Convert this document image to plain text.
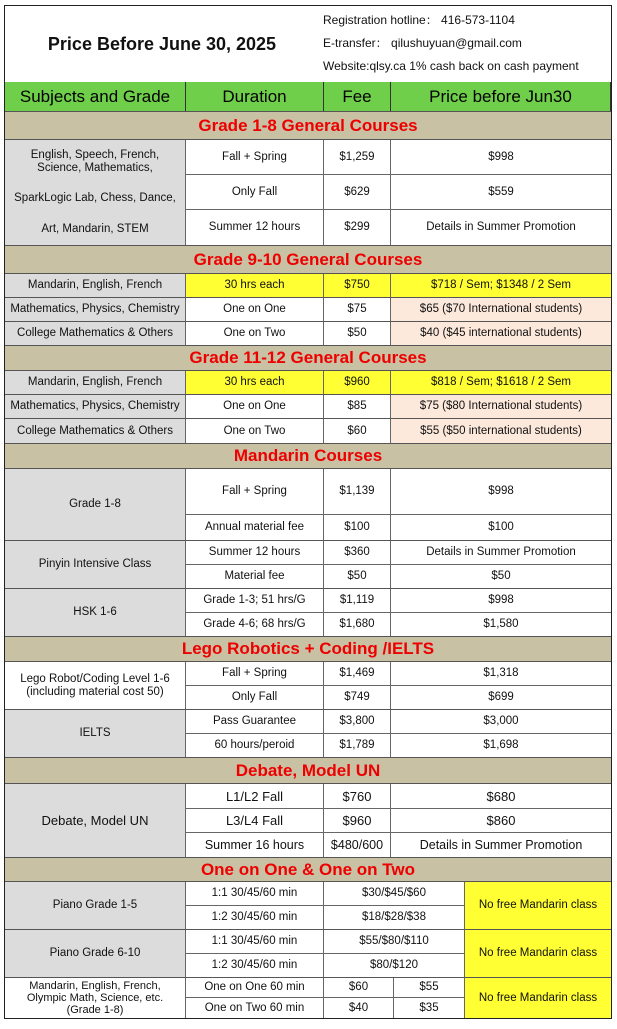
Price Before June 30, 2025
Registration hotline： 416-573-1104
E-transfer： qilushuyuan@gmail.com
Website:qlsy.ca 1% cash back on cash payment
Subjects and Grade	Duration	Fee	Price before Jun30
Grade 1-8 General Courses
English, Speech, French, Science, Mathematics,
SparkLogic Lab, Chess, Dance,
Art, Mandarin, STEM
Fall + Spring	$1,259	$998
Only Fall	$629	$559
Summer 12 hours	$299	Details in Summer Promotion
Grade 9-10 General Courses
Mandarin, English, French	30 hrs each	$750	$718 / Sem; $1348 / 2 Sem
Mathematics, Physics, Chemistry	One on One	$75	$65 ($70 International students)
College Mathematics & Others	One on Two	$50	$40 ($45 international students)
Grade 11-12 General Courses
Mandarin, English, French	30 hrs each	$960	$818 / Sem; $1618 / 2 Sem
Mathematics, Physics, Chemistry	One on One	$85	$75 ($80 International students)
College Mathematics & Others	One on Two	$60	$55 ($50 international students)
Mandarin Courses
Grade 1-8
Fall + Spring	$1,139	$998
Annual material fee	$100	$100
Pinyin Intensive Class
Summer 12 hours	$360	Details in Summer Promotion
Material fee	$50	$50
HSK 1-6
Grade 1-3; 51 hrs/G	$1,119	$998
Grade 4-6; 68 hrs/G	$1,680	$1,580
Lego Robotics + Coding /IELTS
Lego Robot/Coding Level 1-6 (including material cost 50)
Fall + Spring	$1,469	$1,318
Only Fall	$749	$699
IELTS
Pass Guarantee	$3,800	$3,000
60 hours/peroid	$1,789	$1,698
Debate, Model UN
Debate, Model UN
L1/L2 Fall	$760	$680
L3/L4 Fall	$960	$860
Summer 16 hours	$480/600	Details in Summer Promotion
One on One & One on Two
Piano Grade 1-5
1:1 30/45/60 min	$30/$45/$60
1:2 30/45/60 min	$18/$28/$38
No free Mandarin class
Piano Grade 6-10
1:1 30/45/60 min	$55/$80/$110
1:2 30/45/60 min	$80/$120
No free Mandarin class
Mandarin, English, French, Olympic Math, Science, etc. (Grade 1-8)
One on One 60 min	$60	$55
One on Two 60 min	$40	$35
No free Mandarin class
